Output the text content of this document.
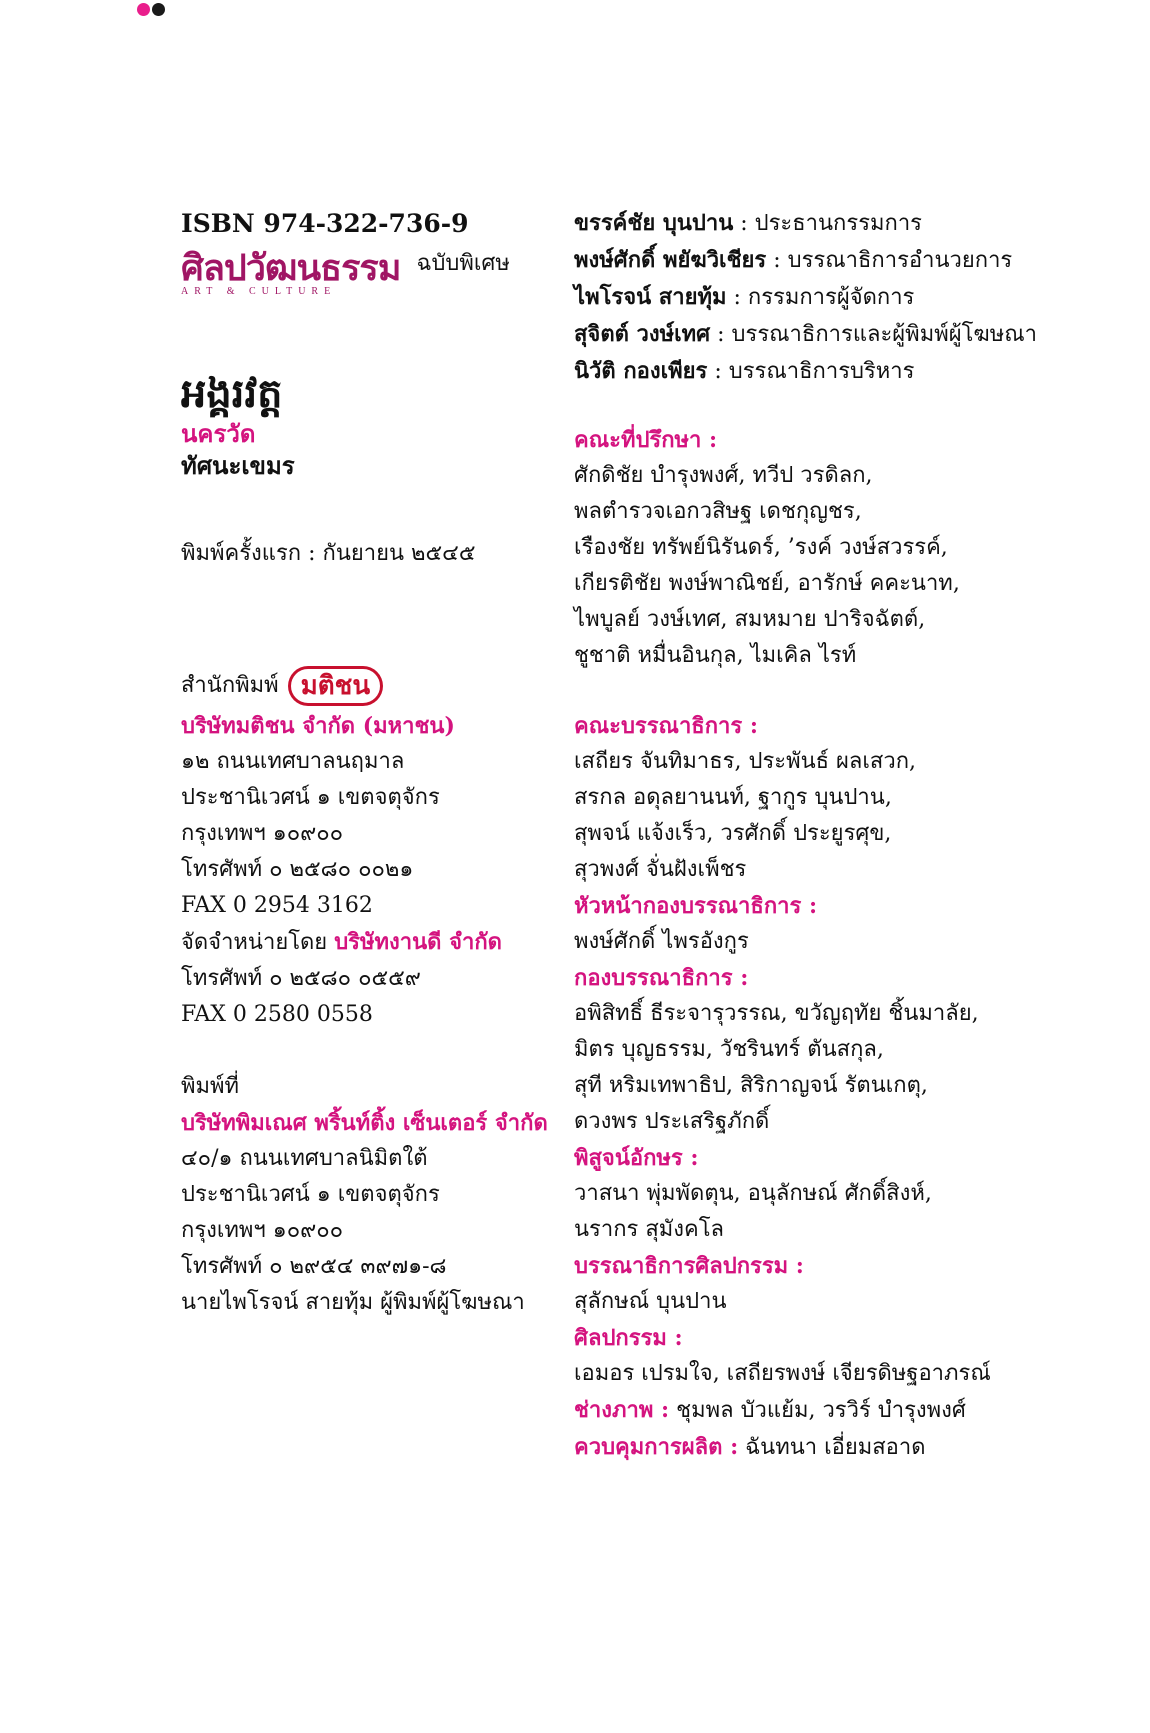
ISBN 974-322-736-9
ศิลปวัฒนธรรม
ART & CULTURE
ฉบับพิเศษ
អង្គរវត្ត
นครวัด
ทัศนะเขมร
พิมพ์ครั้งแรก : กันยายน ๒๕๔๕
สำนักพิมพ์ มติชน
บริษัทมติชน จำกัด (มหาชน)
๑๒ ถนนเทศบาลนฤมาล
ประชานิเวศน์ ๑ เขตจตุจักร
กรุงเทพฯ ๑๐๙๐๐
โทรศัพท์ ๐ ๒๕๘๐ ๐๐๒๑
FAX 0 2954 3162
จัดจำหน่ายโดย บริษัทงานดี จำกัด
โทรศัพท์ ๐ ๒๕๘๐ ๐๕๕๙
FAX 0 2580 0558
พิมพ์ที่
บริษัทพิมเณศ พริ้นท์ติ้ง เซ็นเตอร์ จำกัด
๔๐/๑ ถนนเทศบาลนิมิตใต้
ประชานิเวศน์ ๑ เขตจตุจักร
กรุงเทพฯ ๑๐๙๐๐
โทรศัพท์ ๐ ๒๙๕๔ ๓๙๗๑-๘
นายไพโรจน์ สายทุ้ม ผู้พิมพ์ผู้โฆษณา
ขรรค์ชัย บุนปาน : ประธานกรรมการ
พงษ์ศักดิ์ พยัฆวิเชียร : บรรณาธิการอำนวยการ
ไพโรจน์ สายทุ้ม : กรรมการผู้จัดการ
สุจิตต์ วงษ์เทศ : บรรณาธิการและผู้พิมพ์ผู้โฆษณา
นิวัติ กองเพียร : บรรณาธิการบริหาร
คณะที่ปรึกษา :
ศักดิชัย บำรุงพงศ์, ทวีป วรดิลก,
พลตำรวจเอกวสิษฐ เดชกุญชร,
เรืองชัย ทรัพย์นิรันดร์, ’รงค์ วงษ์สวรรค์,
เกียรติชัย พงษ์พาณิชย์, อารักษ์ คคะนาท,
ไพบูลย์ วงษ์เทศ, สมหมาย ปาริจฉัตต์,
ชูชาติ หมื่นอินกุล, ไมเคิล ไรท์
คณะบรรณาธิการ :
เสถียร จันทิมาธร, ประพันธ์ ผลเสวก,
สรกล อดุลยานนท์, ฐากูร บุนปาน,
สุพจน์ แจ้งเร็ว, วรศักดิ์ ประยูรศุข,
สุวพงศ์ จั่นฝังเพ็ชร
หัวหน้ากองบรรณาธิการ :
พงษ์ศักดิ์ ไพรอังกูร
กองบรรณาธิการ :
อพิสิทธิ์ ธีระจารุวรรณ, ขวัญฤทัย ชิ้นมาลัย,
มิตร บุญธรรม, วัชรินทร์ ตันสกุล,
สุที หริมเทพาธิป, สิริกาญจน์ รัตนเกตุ,
ดวงพร ประเสริฐภักดิ์
พิสูจน์อักษร :
วาสนา พุ่มพัดตุน, อนุลักษณ์ ศักดิ์สิงห์,
นรากร สุมังคโล
บรรณาธิการศิลปกรรม :
สุลักษณ์ บุนปาน
ศิลปกรรม :
เอมอร เปรมใจ, เสถียรพงษ์ เจียรดิษฐอาภรณ์
ช่างภาพ : ชุมพล บัวแย้ม, วรวิร์ บำรุงพงศ์
ควบคุมการผลิต : ฉันทนา เอี่ยมสอาด
